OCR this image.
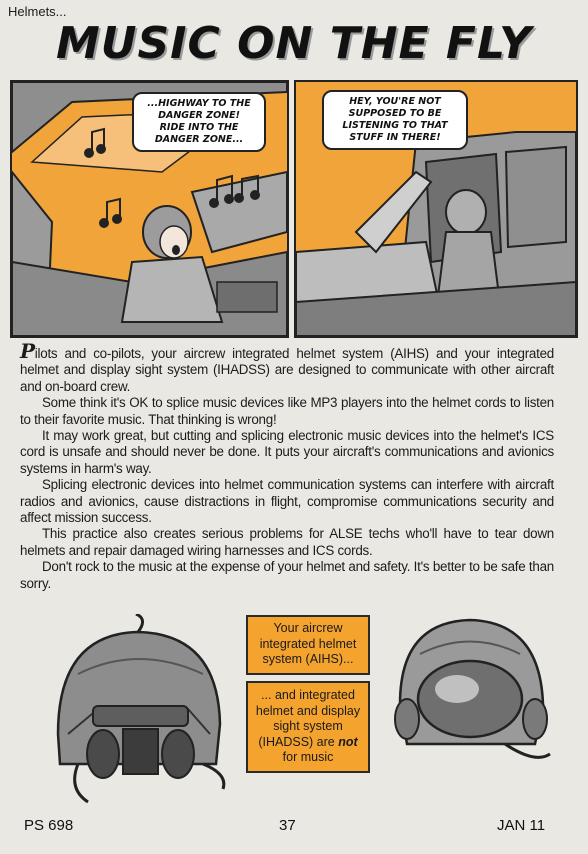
Helmets...
MUSIC ON THE FLY
...HIGHWAY TO THE
DANGER ZONE!
RIDE INTO THE
DANGER ZONE...
HEY, YOU'RE NOT
SUPPOSED TO BE
LISTENING TO THAT
STUFF IN THERE!

Pilots and co-pilots, your aircrew integrated helmet system (AIHS) and your integrated helmet and display sight system (IHADSS) are designed to communicate with other aircraft and on-board crew.

Some think it's OK to splice music devices like MP3 players into the helmet cords to listen to their favorite music. That thinking is wrong!

It may work great, but cutting and splicing electronic music devices into the helmet's ICS cord is unsafe and should never be done. It puts your aircraft's communications and avionics systems in harm's way.

Splicing electronic devices into helmet communication systems can interfere with aircraft radios and avionics, cause distractions in flight, compromise communications security and affect mission success.

This practice also creates serious problems for ALSE techs who'll have to tear down helmets and repair damaged wiring harnesses and ICS cords.

Don't rock to the music at the expense of your helmet and safety. It's better to be safe than sorry.

Your aircrew integrated helmet system (AIHS)...
... and integrated helmet and display sight system (IHADSS) are not for music
PS 698	37	JAN 11
